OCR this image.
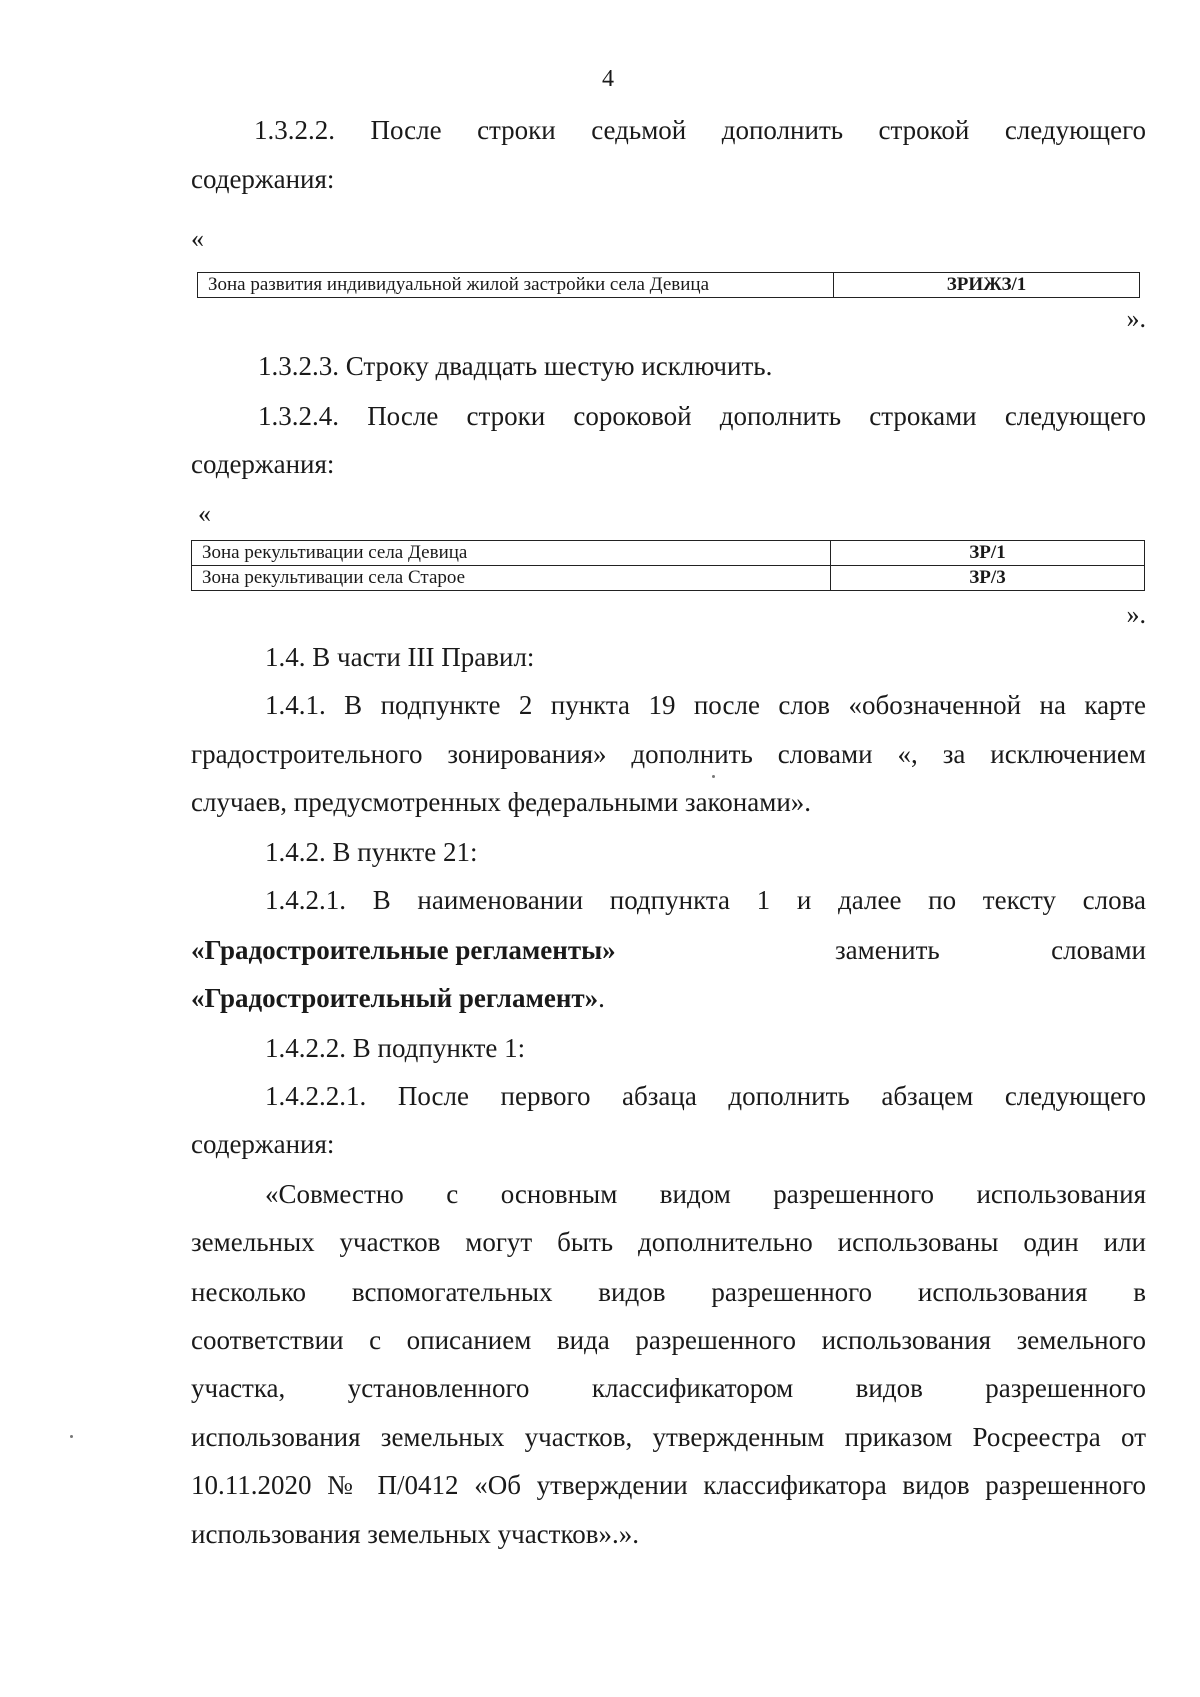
4
1.3.2.2. После строки седьмой дополнить строкой следующего
содержания:
«
Зона развития индивидуальной жилой застройки села Девица	ЗРИЖЗ/1
».
1.3.2.3. Строку двадцать шестую исключить.
1.3.2.4. После строки сороковой дополнить строками следующего
содержания:
«
Зона рекультивации села Девица	ЗР/1
Зона рекультивации села Старое	ЗР/3
».
1.4. В части III Правил:
1.4.1. В подпункте 2 пункта 19 после слов «обозначенной на карте
градостроительного зонирования» дополнить словами «, за исключением
случаев, предусмотренных федеральными законами».
1.4.2. В пункте 21:
1.4.2.1. В наименовании подпункта 1 и далее по тексту слова
«Градостроительные регламенты»	заменить словами
«Градостроительный регламент».
1.4.2.2. В подпункте 1:
1.4.2.2.1. После первого абзаца дополнить абзацем следующего
содержания:
«Совместно с основным видом разрешенного использования
земельных участков могут быть дополнительно использованы один или
несколько вспомогательных видов разрешенного использования в
соответствии с описанием вида разрешенного использования земельного
участка, установленного классификатором видов разрешенного
использования земельных участков, утвержденным приказом Росреестра от
10.11.2020 № П/0412 «Об утверждении классификатора видов разрешенного
использования земельных участков».».
